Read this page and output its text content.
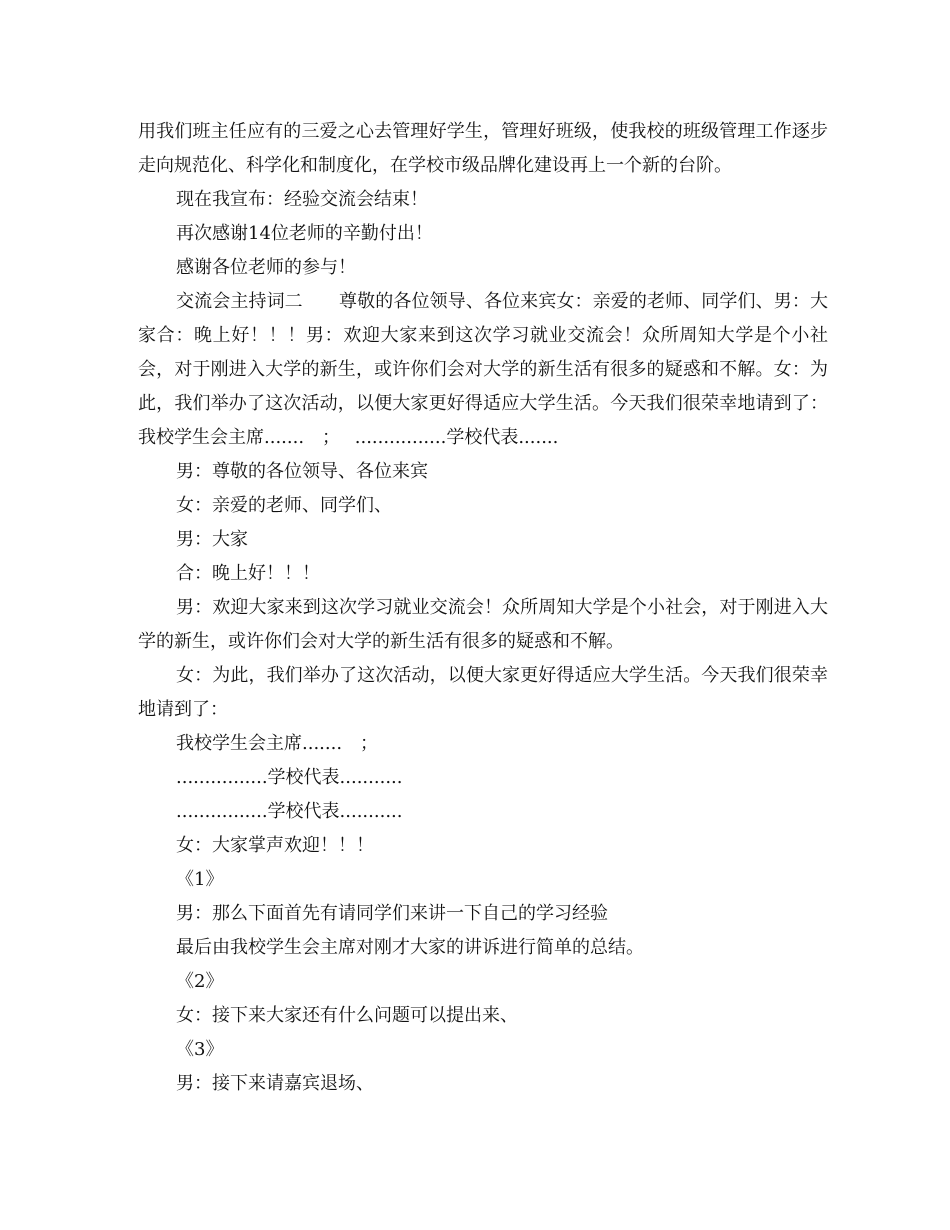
用我们班主任应有的三爱之心去管理好学生，管理好班级，使我校的班级管理工作逐步走向规范化、科学化和制度化，在学校市级品牌化建设再上一个新的台阶。

现在我宣布：经验交流会结束！

再次感谢14位老师的辛勤付出！

感谢各位老师的参与！

交流会主持词二　　尊敬的各位领导、各位来宾女：亲爱的老师、同学们、男：大家合：晚上好！！！男：欢迎大家来到这次学习就业交流会！众所周知大学是个小社会，对于刚进入大学的新生，或许你们会对大学的新生活有很多的疑惑和不解。女：为此，我们举办了这次活动，以便大家更好得适应大学生活。今天我们很荣幸地请到了：我校学生会主席.......　；　 ................学校代表.......

男：尊敬的各位领导、各位来宾

女：亲爱的老师、同学们、

男：大家

合：晚上好！！！

男：欢迎大家来到这次学习就业交流会！众所周知大学是个小社会，对于刚进入大学的新生，或许你们会对大学的新生活有很多的疑惑和不解。

女：为此，我们举办了这次活动，以便大家更好得适应大学生活。今天我们很荣幸地请到了：

我校学生会主席.......　；

................学校代表...........

................学校代表...........

女：大家掌声欢迎！！！

《1》

男：那么下面首先有请同学们来讲一下自己的学习经验

最后由我校学生会主席对刚才大家的讲诉进行简单的总结。

《2》

女：接下来大家还有什么问题可以提出来、

《3》

男：接下来请嘉宾退场、
